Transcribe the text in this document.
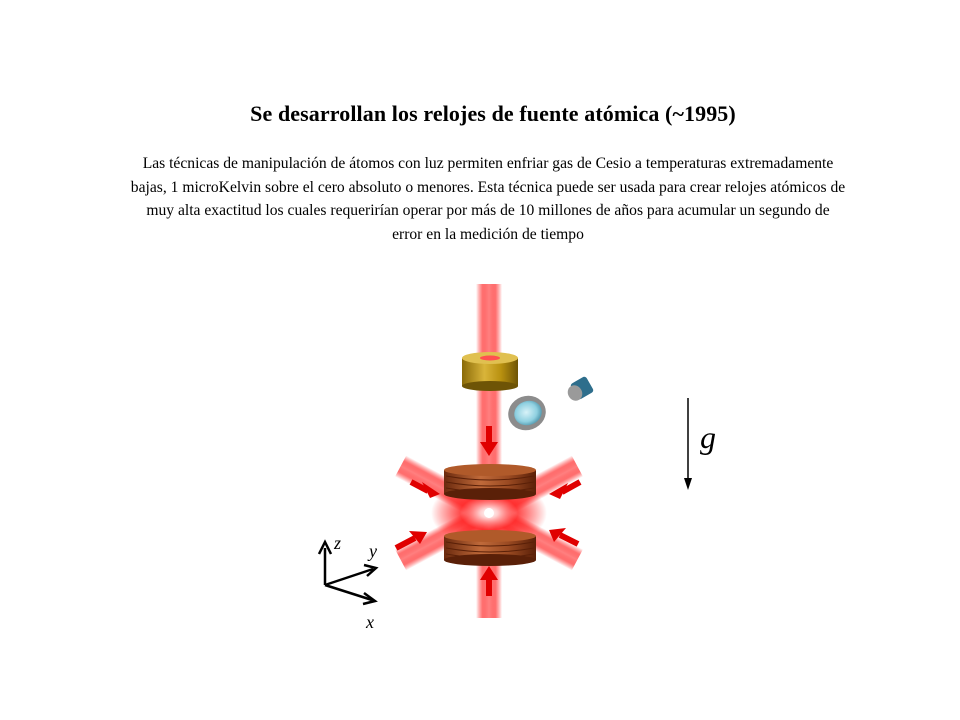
Se desarrollan los relojes de fuente atómica (~1995)
Las técnicas de manipulación de átomos con luz permiten enfriar gas de Cesio a temperaturas extremadamente bajas, 1 microKelvin sobre el cero absoluto o menores. Esta técnica puede ser usada para crear relojes atómicos de muy alta exactitud los cuales requerirían operar por más de 10 millones de años para acumular un segundo de error en la medición de tiempo
g
z y
x
